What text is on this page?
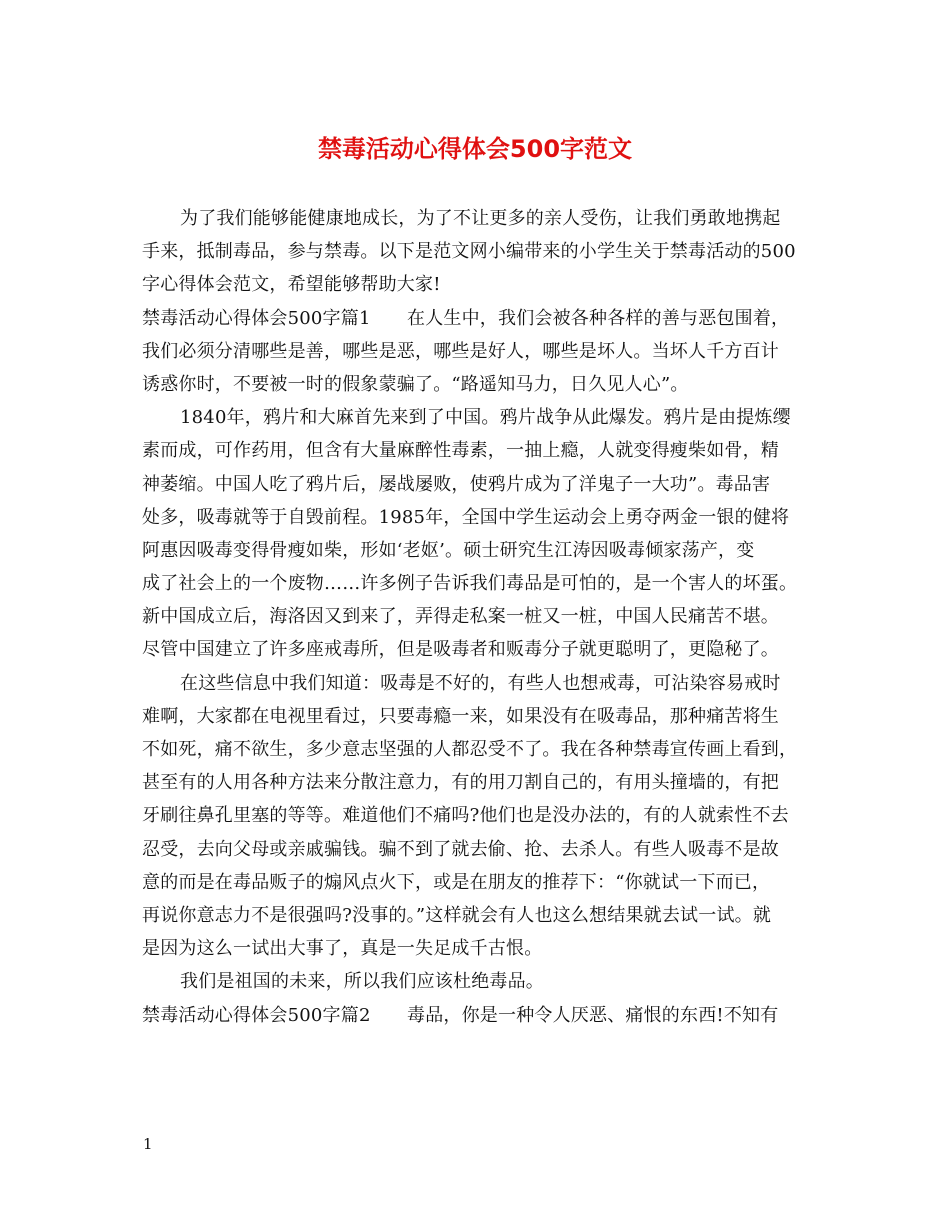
禁毒活动心得体会500字范文
为了我们能够能健康地成长，为了不让更多的亲人受伤，让我们勇敢地携起
手来，抵制毒品，参与禁毒。以下是范文网小编带来的小学生关于禁毒活动的500
字心得体会范文，希望能够帮助大家!
禁毒活动心得体会500字篇1　　在人生中，我们会被各种各样的善与恶包围着，
我们必须分清哪些是善，哪些是恶，哪些是好人，哪些是坏人。当坏人千方百计
诱惑你时，不要被一时的假象蒙骗了。“路遥知马力，日久见人心”。
1840年，鸦片和大麻首先来到了中国。鸦片战争从此爆发。鸦片是由提炼缨
素而成，可作药用，但含有大量麻醉性毒素，一抽上瘾，人就变得瘦柴如骨，精
神萎缩。中国人吃了鸦片后，屡战屡败，使鸦片成为了洋鬼子一大功”。毒品害
处多，吸毒就等于自毁前程。1985年，全国中学生运动会上勇夺两金一银的健将
阿惠因吸毒变得骨瘦如柴，形如‘老妪’。硕士研究生江涛因吸毒倾家荡产，变
成了社会上的一个废物……许多例子告诉我们毒品是可怕的，是一个害人的坏蛋。
新中国成立后，海洛因又到来了，弄得走私案一桩又一桩，中国人民痛苦不堪。
尽管中国建立了许多座戒毒所，但是吸毒者和贩毒分子就更聪明了，更隐秘了。
在这些信息中我们知道：吸毒是不好的，有些人也想戒毒，可沾染容易戒时
难啊，大家都在电视里看过，只要毒瘾一来，如果没有在吸毒品，那种痛苦将生
不如死，痛不欲生，多少意志坚强的人都忍受不了。我在各种禁毒宣传画上看到，
甚至有的人用各种方法来分散注意力，有的用刀割自己的，有用头撞墙的，有把
牙刷往鼻孔里塞的等等。难道他们不痛吗?他们也是没办法的，有的人就索性不去
忍受，去向父母或亲戚骗钱。骗不到了就去偷、抢、去杀人。有些人吸毒不是故
意的而是在毒品贩子的煽风点火下，或是在朋友的推荐下：“你就试一下而已，
再说你意志力不是很强吗?没事的。”这样就会有人也这么想结果就去试一试。就
是因为这么一试出大事了，真是一失足成千古恨。
我们是祖国的未来，所以我们应该杜绝毒品。
禁毒活动心得体会500字篇2　　毒品，你是一种令人厌恶、痛恨的东西!不知有
1
